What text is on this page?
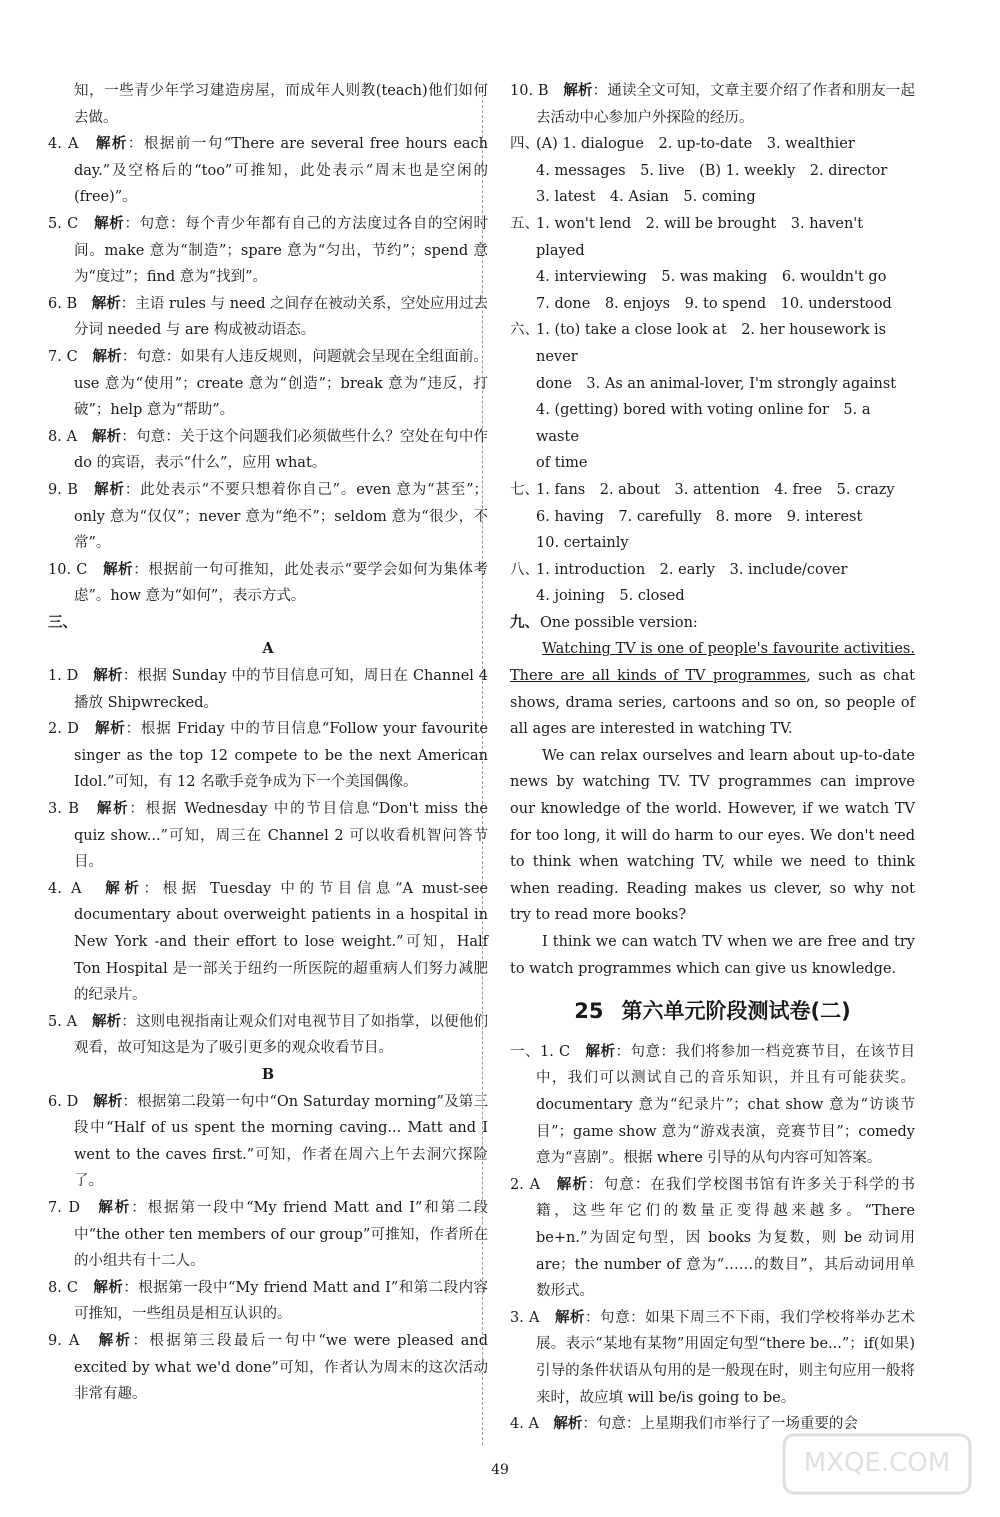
知，一些青少年学习建造房屋，而成年人则教(teach)他们如何去做。

4. A　 解析：根据前一句“There are several free hours each day.”及空格后的“too”可推知，此处表示“周末也是空闲的(free)”。

5. C　 解析：句意：每个青少年都有自己的方法度过各自的空闲时间。make 意为“制造”；spare 意为“匀出，节约”；spend 意为“度过”；find 意为“找到”。

6. B　 解析：主语 rules 与 need 之间存在被动关系，空处应用过去分词 needed 与 are 构成被动语态。

7. C　 解析：句意：如果有人违反规则，问题就会呈现在全组面前。use 意为“使用”；create 意为“创造”；break 意为“违反，打破”；help 意为“帮助”。

8. A　 解析：句意：关于这个问题我们必须做些什么？空处在句中作 do 的宾语，表示“什么”，应用 what。

9. B　 解析：此处表示“不要只想着你自己”。even 意为“甚至”；only 意为“仅仅”；never 意为“绝不”；seldom 意为“很少，不常”。

10. C　 解析：根据前一句可推知，此处表示“要学会如何为集体考虑”。how 意为“如何”，表示方式。

三、

A

1. D　 解析：根据 Sunday 中的节目信息可知，周日在 Channel 4 播放 Shipwrecked。

2. D　 解析：根据 Friday 中的节目信息“Follow your favourite singer as the top 12 compete to be the next American Idol.”可知，有 12 名歌手竞争成为下一个美国偶像。

3. B　 解析：根据 Wednesday 中的节目信息“Don't miss the quiz show...”可知，周三在 Channel 2 可以收看机智问答节目。

4. A　 解析：根据 Tuesday 中的节目信息“A must-see documentary about overweight patients in a hospital in New York -and their effort to lose weight.”可知，Half Ton Hospital 是一部关于纽约一所医院的超重病人们努力减肥的纪录片。

5. A　 解析：这则电视指南让观众们对电视节目了如指掌，以便他们观看，故可知这是为了吸引更多的观众收看节目。

B

6. D　 解析：根据第二段第一句中“On Saturday morning”及第三段中“Half of us spent the morning caving... Matt and I went to the caves first.”可知，作者在周六上午去洞穴探险了。

7. D　 解析：根据第一段中“My friend Matt and I”和第二段中“the other ten members of our group”可推知，作者所在的小组共有十二人。

8. C　 解析：根据第一段中“My friend Matt and I”和第二段内容可推知，一些组员是相互认识的。

9. A　 解析：根据第三段最后一句中“we were pleased and excited by what we'd done”可知，作者认为周末的这次活动非常有趣。

10. B　 解析：通读全文可知，文章主要介绍了作者和朋友一起去活动中心参加户外探险的经历。

四、(A) 1. dialogue　2. up-to-date　3. wealthier

4. messages　5. live　(B) 1. weekly　2. director

3. latest　4. Asian　5. coming

五、1. won't lend　2. will be brought　3. haven't played

4. interviewing　5. was making　6. wouldn't go

7. done　8. enjoys　9. to spend　10. understood

六、1. (to) take a close look at　2. her housework is never

done　3. As an animal-lover, I'm strongly against

4. (getting) bored with voting online for　5. a waste

of time

七、1. fans　2. about　3. attention　4. free　5. crazy

6. having　7. carefully　8. more　9. interest

10. certainly

八、1. introduction　2. early　3. include/cover

4. joining　5. closed

九、One possible version:

Watching TV is one of people's favourite activities. There are all kinds of TV programmes, such as chat shows, drama series, cartoons and so on, so people of all ages are interested in watching TV.

We can relax ourselves and learn about up-to-date news by watching TV. TV programmes can improve our knowledge of the world. However, if we watch TV for too long, it will do harm to our eyes. We don't need to think when watching TV, while we need to think when reading. Reading makes us clever, so why not try to read more books?

I think we can watch TV when we are free and try to watch programmes which can give us knowledge.

25 第六单元阶段测试卷(二)

一、1. C　 解析：句意：我们将参加一档竞赛节目，在该节目中，我们可以测试自己的音乐知识，并且有可能获奖。documentary 意为“纪录片”；chat show 意为“访谈节目”；game show 意为“游戏表演，竞赛节目”；comedy 意为“喜剧”。根据 where 引导的从句内容可知答案。

2. A　 解析：句意：在我们学校图书馆有许多关于科学的书籍，这些年它们的数量正变得越来越多。“There be+n.”为固定句型，因 books 为复数，则 be 动词用 are；the number of 意为“……的数目”，其后动词用单数形式。

3. A　 解析：句意：如果下周三不下雨，我们学校将举办艺术展。表示“某地有某物”用固定句型“there be...”；if(如果)引导的条件状语从句用的是一般现在时，则主句应用一般将来时，故应填 will be/is going to be。

4. A　 解析：句意：上星期我们市举行了一场重要的会

49	MXQE.COM
